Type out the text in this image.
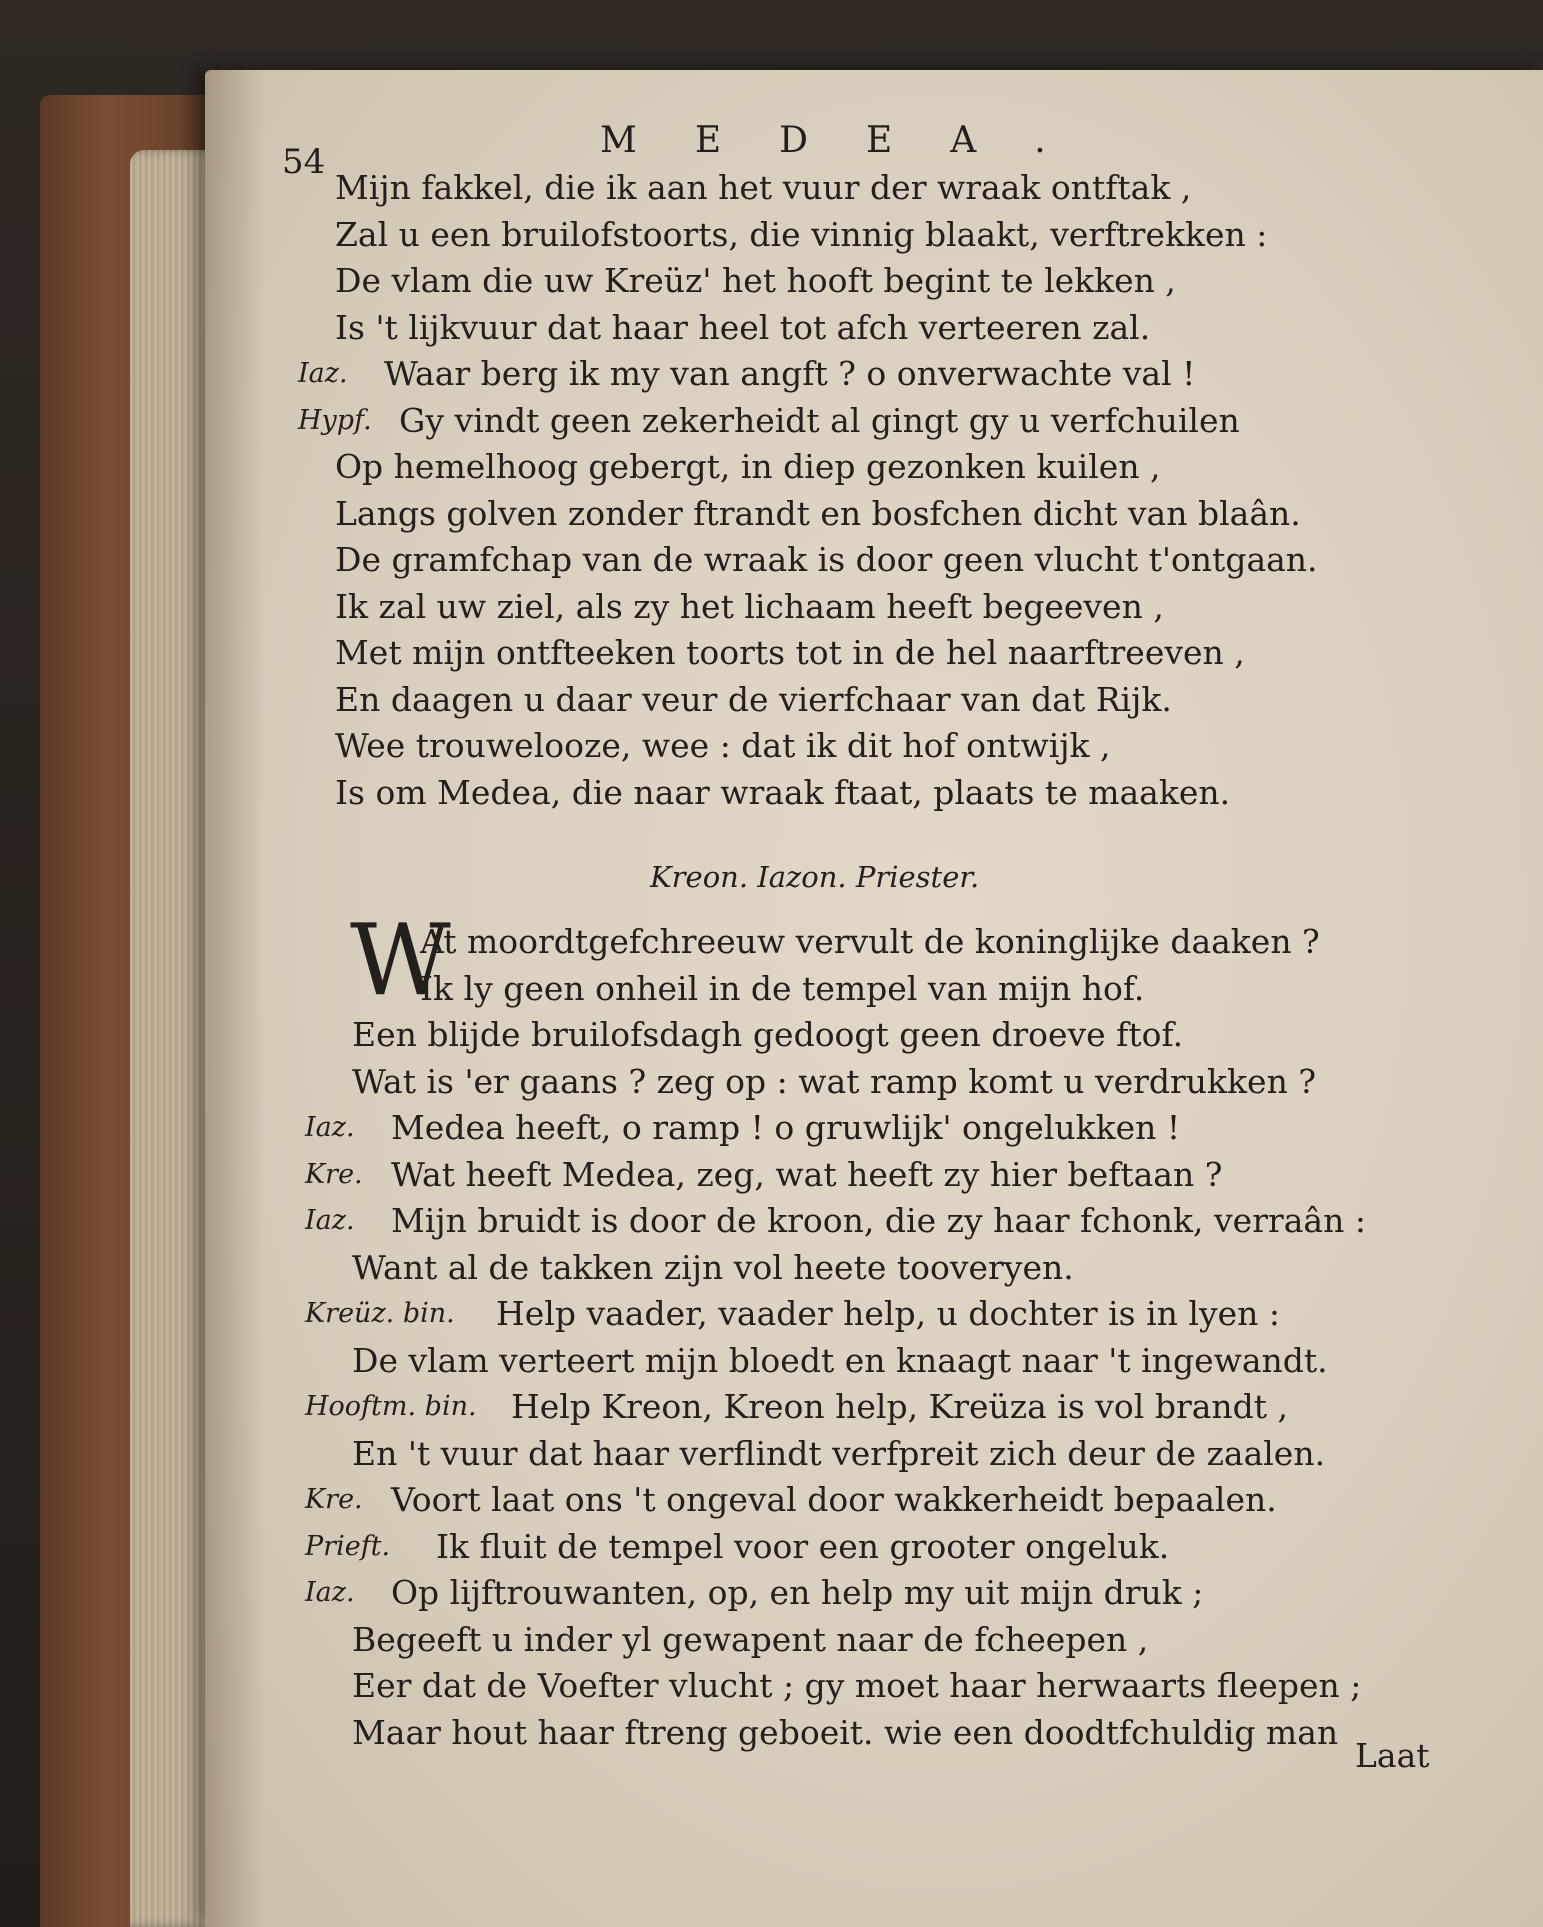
54
MEDEA.
Mijn fakkel, die ik aan het vuur der wraak ontftak ,
Zal u een bruilofstoorts, die vinnig blaakt, verftrekken :
De vlam die uw Kreüz' het hooft begint te lekken ,
Is 't lijkvuur dat haar heel tot afch verteeren zal.
Iaz. Waar berg ik my van angft ? o onverwachte val !
Hypf. Gy vindt geen zekerheidt al gingt gy u verfchuilen
Op hemelhoog gebergt, in diep gezonken kuilen ,
Langs golven zonder ftrandt en bosfchen dicht van blaân.
De gramfchap van de wraak is door geen vlucht t'ontgaan.
Ik zal uw ziel, als zy het lichaam heeft begeeven ,
Met mijn ontfteeken toorts tot in de hel naarftreeven ,
En daagen u daar veur de vierfchaar van dat Rijk.
Wee trouwelooze, wee : dat ik dit hof ontwijk ,
Is om Medea, die naar wraak ftaat, plaats te maaken.
Kreon. Iazon. Priester.
W
At moordtgefchreeuw vervult de koninglijke daaken ?
Ik ly geen onheil in de tempel van mijn hof.
Een blijde bruilofsdagh gedoogt geen droeve ftof.
Wat is 'er gaans ? zeg op : wat ramp komt u verdrukken ?
Iaz. Medea heeft, o ramp ! o gruwlijk' ongelukken !
Kre. Wat heeft Medea, zeg, wat heeft zy hier beftaan ?
Iaz. Mijn bruidt is door de kroon, die zy haar fchonk, verraân :
Want al de takken zijn vol heete tooveryen.
Kreüz. bin. Help vaader, vaader help, u dochter is in lyen :
De vlam verteert mijn bloedt en knaagt naar 't ingewandt.
Hooftm. bin. Help Kreon, Kreon help, Kreüza is vol brandt ,
En 't vuur dat haar verflindt verfpreit zich deur de zaalen.
Kre. Voort laat ons 't ongeval door wakkerheidt bepaalen.
Prieft. Ik fluit de tempel voor een grooter ongeluk.
Iaz. Op lijftrouwanten, op, en help my uit mijn druk ;
Begeeft u inder yl gewapent naar de fcheepen ,
Eer dat de Voefter vlucht ; gy moet haar herwaarts fleepen ;
Maar hout haar ftreng geboeit. wie een doodtfchuldig man
Laat
